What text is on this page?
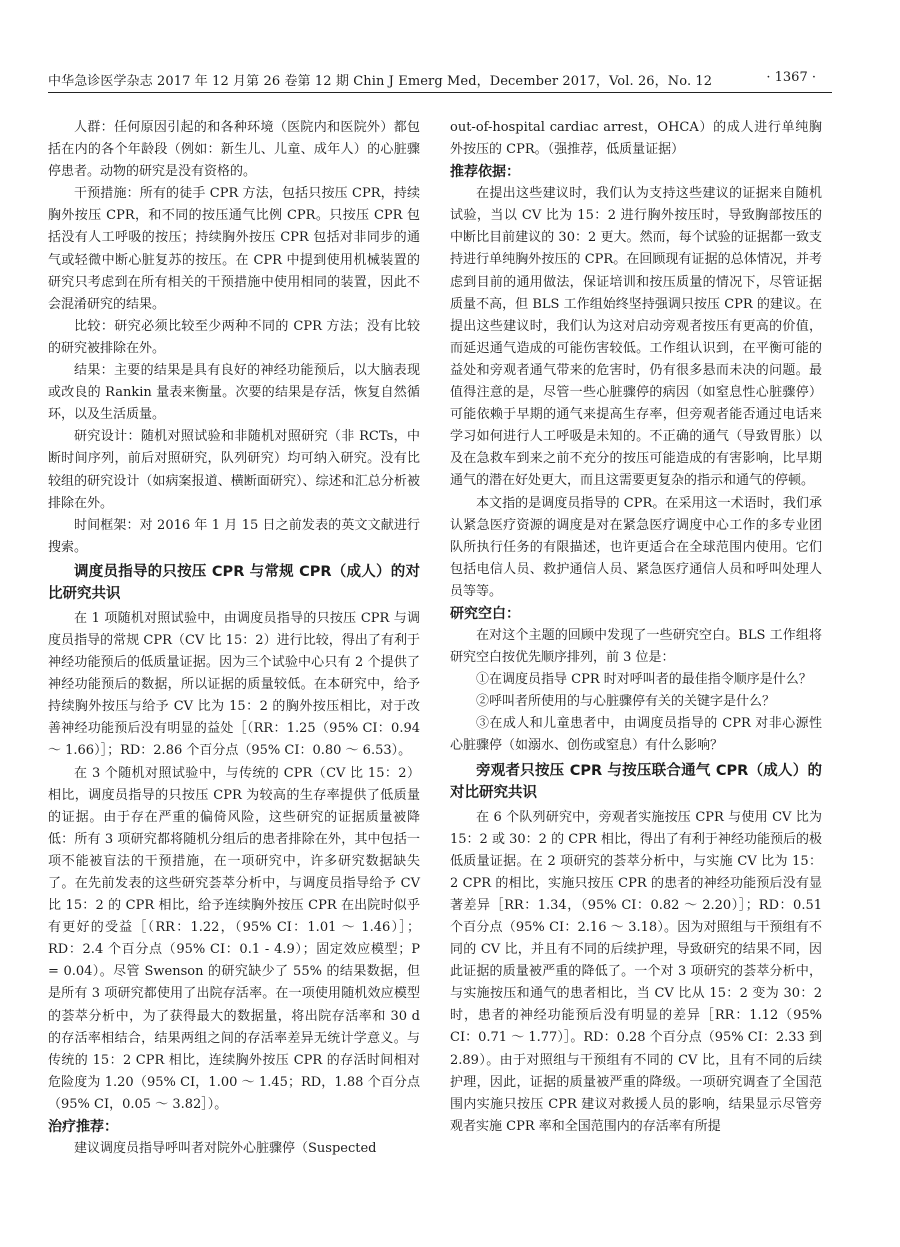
中华急诊医学杂志 2017 年 12 月第 26 卷第 12 期 Chin J Emerg Med，December 2017，Vol. 26，No. 12	· 1367 ·

人群：任何原因引起的和各种环境（医院内和医院外）都包括在内的各个年龄段（例如：新生儿、儿童、成年人）的心脏骤停患者。动物的研究是没有资格的。

干预措施：所有的徒手 CPR 方法，包括只按压 CPR，持续胸外按压 CPR，和不同的按压通气比例 CPR。只按压 CPR 包括没有人工呼吸的按压；持续胸外按压 CPR 包括对非同步的通气或轻微中断心脏复苏的按压。在 CPR 中提到使用机械装置的研究只考虑到在所有相关的干预措施中使用相同的装置，因此不会混淆研究的结果。

比较：研究必须比较至少两种不同的 CPR 方法；没有比较的研究被排除在外。

结果：主要的结果是具有良好的神经功能预后，以大脑表现或改良的 Rankin 量表来衡量。次要的结果是存活，恢复自然循环，以及生活质量。

研究设计：随机对照试验和非随机对照研究（非 RCTs，中断时间序列，前后对照研究，队列研究）均可纳入研究。没有比较组的研究设计（如病案报道、横断面研究）、综述和汇总分析被排除在外。

时间框架：对 2016 年 1 月 15 日之前发表的英文文献进行搜索。

调度员指导的只按压 CPR 与常规 CPR（成人）的对比研究共识

在 1 项随机对照试验中，由调度员指导的只按压 CPR 与调度员指导的常规 CPR（CV 比 15：2）进行比较，得出了有利于神经功能预后的低质量证据。因为三个试验中心只有 2 个提供了神经功能预后的数据，所以证据的质量较低。在本研究中，给予持续胸外按压与给予 CV 比为 15：2 的胸外按压相比，对于改善神经功能预后没有明显的益处［（RR：1.25（95% CI：0.94 ～ 1.66）］；RD：2.86 个百分点（95% CI：0.80 ～ 6.53）。

在 3 个随机对照试验中，与传统的 CPR（CV 比 15：2）相比，调度员指导的只按压 CPR 为较高的生存率提供了低质量的证据。由于存在严重的偏倚风险，这些研究的证据质量被降低：所有 3 项研究都将随机分组后的患者排除在外，其中包括一项不能被盲法的干预措施，在一项研究中，许多研究数据缺失了。在先前发表的这些研究荟萃分析中，与调度员指导给予 CV 比 15：2 的 CPR 相比，给予连续胸外按压 CPR 在出院时似乎有更好的受益［（RR：1.22，（95% CI：1.01 ～ 1.46）］；RD：2.4 个百分点（95% CI：0.1 - 4.9）；固定效应模型；P = 0.04）。尽管 Swenson 的研究缺少了 55% 的结果数据，但是所有 3 项研究都使用了出院存活率。在一项使用随机效应模型的荟萃分析中，为了获得最大的数据量，将出院存活率和 30 d 的存活率相结合，结果两组之间的存活率差异无统计学意义。与传统的 15：2 CPR 相比，连续胸外按压 CPR 的存活时间相对危险度为 1.20（95% CI，1.00 ～ 1.45；RD，1.88 个百分点（95% CI，0.05 ～ 3.82］）。

治疗推荐：

建议调度员指导呼叫者对院外心脏骤停（Suspected

out-of-hospital cardiac arrest，OHCA）的成人进行单纯胸外按压的 CPR。（强推荐，低质量证据）

推荐依据：

在提出这些建议时，我们认为支持这些建议的证据来自随机试验，当以 CV 比为 15：2 进行胸外按压时，导致胸部按压的中断比目前建议的 30：2 更大。然而，每个试验的证据都一致支持进行单纯胸外按压的 CPR。在回顾现有证据的总体情况，并考虑到目前的通用做法，保证培训和按压质量的情况下，尽管证据质量不高，但 BLS 工作组始终坚持强调只按压 CPR 的建议。在提出这些建议时，我们认为这对启动旁观者按压有更高的价值，而延迟通气造成的可能伤害较低。工作组认识到，在平衡可能的益处和旁观者通气带来的危害时，仍有很多悬而未决的问题。最值得注意的是，尽管一些心脏骤停的病因（如窒息性心脏骤停）可能依赖于早期的通气来提高生存率，但旁观者能否通过电话来学习如何进行人工呼吸是未知的。不正确的通气（导致胃胀）以及在急救车到来之前不充分的按压可能造成的有害影响，比早期通气的潜在好处更大，而且这需要更复杂的指示和通气的停顿。

本文指的是调度员指导的 CPR。在采用这一术语时，我们承认紧急医疗资源的调度是对在紧急医疗调度中心工作的多专业团队所执行任务的有限描述，也许更适合在全球范围内使用。它们包括电信人员、救护通信人员、紧急医疗通信人员和呼叫处理人员等等。

研究空白：

在对这个主题的回顾中发现了一些研究空白。BLS 工作组将研究空白按优先顺序排列，前 3 位是：

①在调度员指导 CPR 时对呼叫者的最佳指令顺序是什么？

②呼叫者所使用的与心脏骤停有关的关键字是什么？

③在成人和儿童患者中，由调度员指导的 CPR 对非心源性心脏骤停（如溺水、创伤或窒息）有什么影响？

旁观者只按压 CPR 与按压联合通气 CPR（成人）的对比研究共识

在 6 个队列研究中，旁观者实施按压 CPR 与使用 CV 比为 15：2 或 30：2 的 CPR 相比，得出了有利于神经功能预后的极低质量证据。在 2 项研究的荟萃分析中，与实施 CV 比为 15：2 CPR 的相比，实施只按压 CPR 的患者的神经功能预后没有显著差异［RR：1.34，（95% CI：0.82 ～ 2.20）］；RD：0.51 个百分点（95% CI：2.16 ～ 3.18）。因为对照组与干预组有不同的 CV 比，并且有不同的后续护理，导致研究的结果不同，因此证据的质量被严重的降低了。一个对 3 项研究的荟萃分析中，与实施按压和通气的患者相比，当 CV 比从 15：2 变为 30：2 时，患者的神经功能预后没有明显的差异［RR：1.12（95% CI：0.71 ～ 1.77）］。RD：0.28 个百分点（95% CI：2.33 到 2.89）。由于对照组与干预组有不同的 CV 比，且有不同的后续护理，因此，证据的质量被严重的降级。一项研究调查了全国范围内实施只按压 CPR 建议对救援人员的影响，结果显示尽管旁观者实施 CPR 率和全国范围内的存活率有所提
